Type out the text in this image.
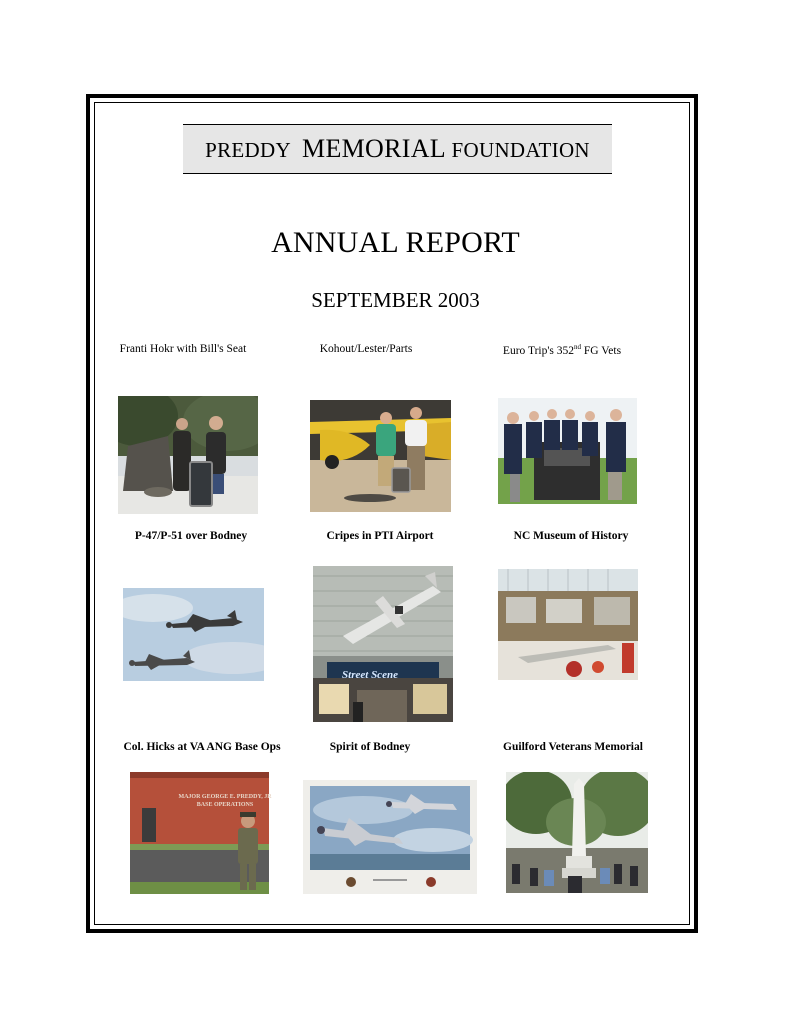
PREDDY MEMORIAL FOUNDATION
ANNUAL REPORT
SEPTEMBER 2003
Franti Hokr with Bill's Seat	Kohout/Lester/Parts	Euro Trip's 352nd FG Vets
P-47/P-51 over Bodney	Cripes in PTI Airport	NC Museum of History
Street Scene
Col. Hicks at VA ANG Base Ops	Spirit of Bodney	Guilford Veterans Memorial
MAJOR GEORGE E. PREDDY, JR
BASE OPERATIONS
